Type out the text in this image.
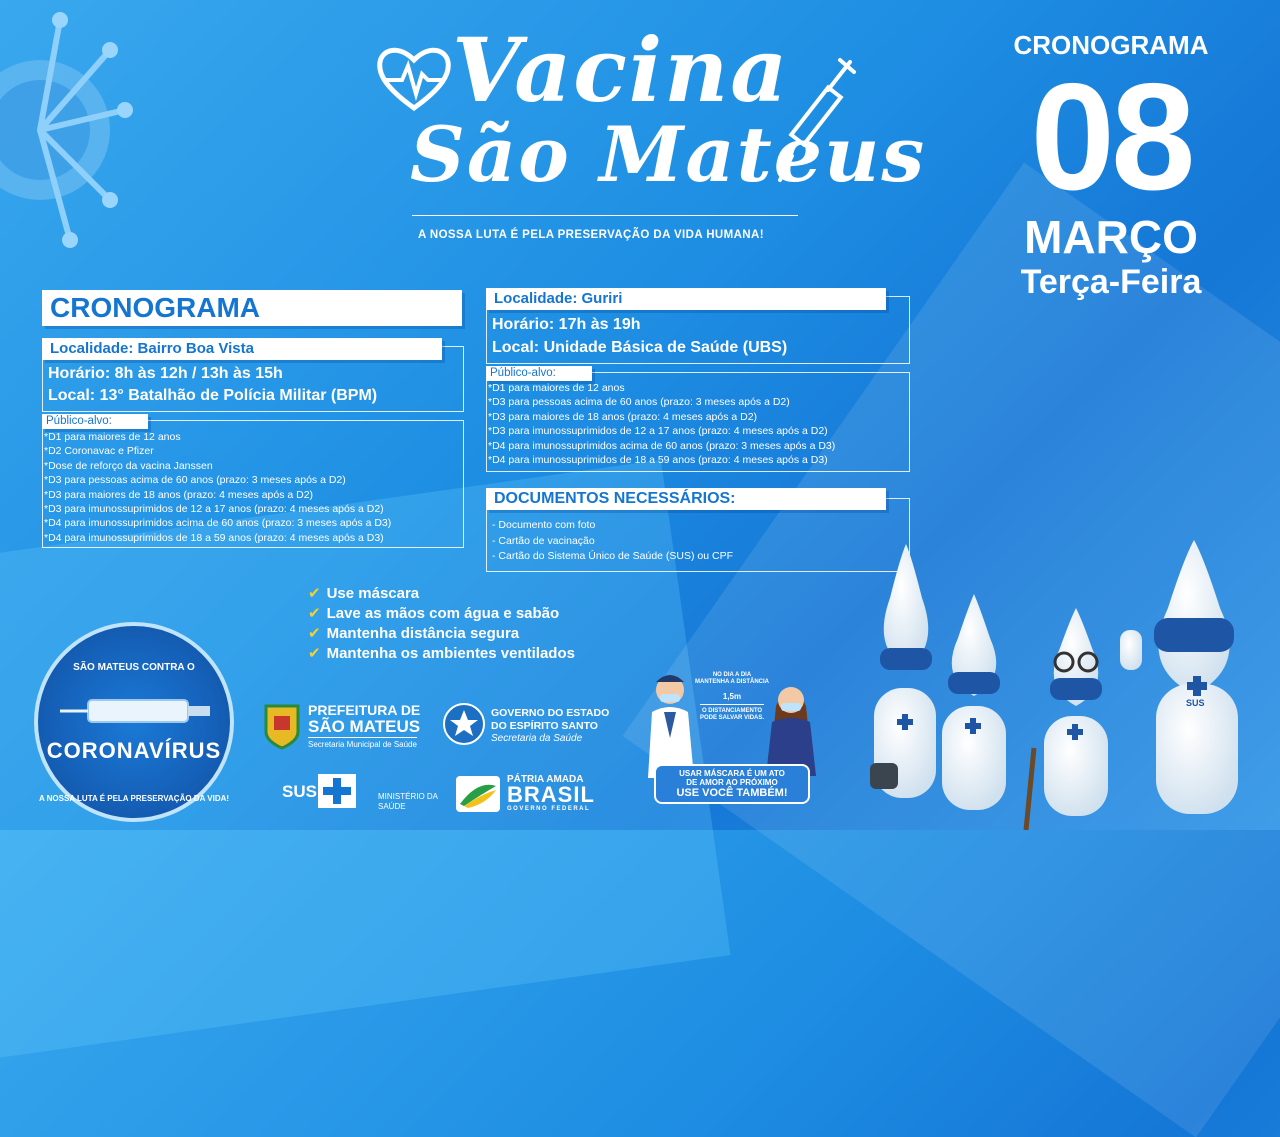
Vacina
São Mateus
A NOSSA LUTA É PELA PRESERVAÇÃO DA VIDA HUMANA!
CRONOGRAMA
08
MARÇO
Terça-Feira
CRONOGRAMA
Localidade: Bairro Boa Vista
Horário: 8h às 12h / 13h às 15h
Local: 13° Batalhão de Polícia Militar (BPM)
Público-alvo:
*D1 para maiores de 12 anos
*D2 Coronavac e Pfizer
*Dose de reforço da vacina Janssen
*D3 para pessoas acima de 60 anos (prazo: 3 meses após a D2)
*D3 para maiores de 18 anos (prazo: 4 meses após a D2)
*D3 para imunossuprimidos de 12 a 17 anos (prazo: 4 meses após a D2)
*D4 para imunossuprimidos acima de 60 anos (prazo: 3 meses após a D3)
*D4 para imunossuprimidos de 18 a 59 anos (prazo: 4 meses após a D3)
Localidade: Guriri
Horário: 17h às 19h
Local: Unidade Básica de Saúde (UBS)
Público-alvo:
*D1 para maiores de 12 anos
*D3 para pessoas acima de 60 anos (prazo: 3 meses após a D2)
*D3 para maiores de 18 anos (prazo: 4 meses após a D2)
*D3 para imunossuprimidos de 12 a 17 anos (prazo: 4 meses após a D2)
*D4 para imunossuprimidos acima de 60 anos (prazo: 3 meses após a D3)
*D4 para imunossuprimidos de 18 a 59 anos (prazo: 4 meses após a D3)
DOCUMENTOS NECESSÁRIOS:
- Documento com foto
- Cartão de vacinação
- Cartão do Sistema Único de Saúde (SUS) ou CPF
✔ Use máscara
✔ Lave as mãos com água e sabão
✔ Mantenha distância segura
✔ Mantenha os ambientes ventilados
SÃO MATEUS CONTRA O
CORONAVÍRUS
A NOSSA LUTA É PELA PRESERVAÇÃO DA VIDA!
PREFEITURA DE
SÃO MATEUS
Secretaria Municipal de Saúde
GOVERNO DO ESTADO
DO ESPÍRITO SANTO
Secretaria da Saúde
SUS	MINISTÉRIO DA
SAÚDE
PÁTRIA AMADA
BRASIL
GOVERNO FEDERAL
NO DIA A DIA
MANTENHA A DISTÂNCIA
1,5m
O DISTANCIAMENTO
PODE SALVAR VIDAS.
USAR MÁSCARA É UM ATO
DE AMOR AO PRÓXIMO
USE VOCÊ TAMBÉM!
SUS
